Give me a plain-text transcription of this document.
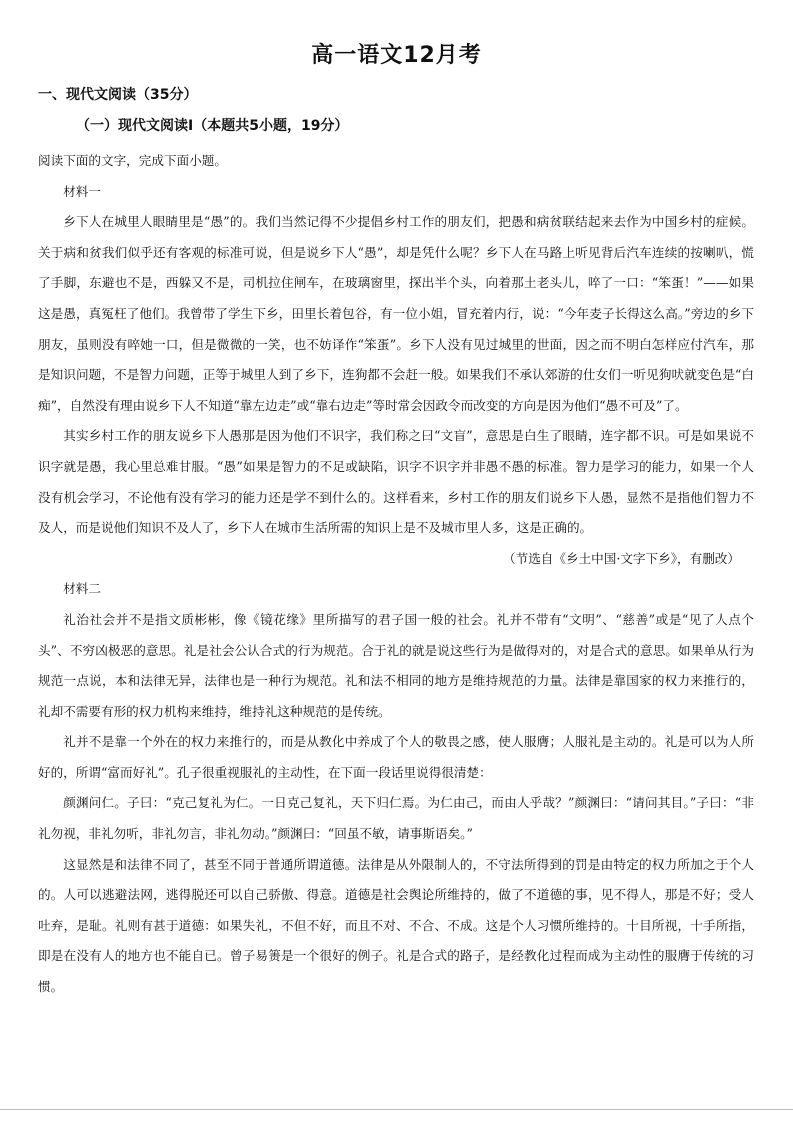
高一语文12月考
一、现代文阅读（35分）
（一）现代文阅读Ⅰ（本题共5小题，19分）

阅读下面的文字，完成下面小题。

材料一

乡下人在城里人眼睛里是“愚”的。我们当然记得不少提倡乡村工作的朋友们，把愚和病贫联结起来去作为中国乡村的症候。关于病和贫我们似乎还有客观的标准可说，但是说乡下人“愚”，却是凭什么呢？乡下人在马路上听见背后汽车连续的按喇叭，慌了手脚，东避也不是，西躲又不是，司机拉住闸车，在玻璃窗里，探出半个头，向着那土老头儿，啐了一口：“笨蛋！”——如果这是愚，真冤枉了他们。我曾带了学生下乡，田里长着包谷，有一位小姐，冒充着内行，说：“今年麦子长得这么高。”旁边的乡下朋友，虽则没有啐她一口，但是微微的一笑，也不妨译作“笨蛋”。乡下人没有见过城里的世面，因之而不明白怎样应付汽车，那是知识问题，不是智力问题，正等于城里人到了乡下，连狗都不会赶一般。如果我们不承认郊游的仕女们一听见狗吠就变色是“白痴”，自然没有理由说乡下人不知道“靠左边走”或“靠右边走”等时常会因政令而改变的方向是因为他们“愚不可及”了。

其实乡村工作的朋友说乡下人愚那是因为他们不识字，我们称之曰“文盲”，意思是白生了眼睛，连字都不识。可是如果说不识字就是愚，我心里总难甘服。“愚”如果是智力的不足或缺陷，识字不识字并非愚不愚的标准。智力是学习的能力，如果一个人没有机会学习，不论他有没有学习的能力还是学不到什么的。这样看来，乡村工作的朋友们说乡下人愚，显然不是指他们智力不及人，而是说他们知识不及人了，乡下人在城市生活所需的知识上是不及城市里人多，这是正确的。

（节选自《乡土中国·文字下乡》，有删改）

材料二

礼治社会并不是指文质彬彬，像《镜花缘》里所描写的君子国一般的社会。礼并不带有“文明”、“慈善”或是“见了人点个头”、不穷凶极恶的意思。礼是社会公认合式的行为规范。合于礼的就是说这些行为是做得对的，对是合式的意思。如果单从行为规范一点说，本和法律无异，法律也是一种行为规范。礼和法不相同的地方是维持规范的力量。法律是靠国家的权力来推行的，礼却不需要有形的权力机构来维持，维持礼这种规范的是传统。

礼并不是靠一个外在的权力来推行的，而是从教化中养成了个人的敬畏之感，使人服膺；人服礼是主动的。礼是可以为人所好的，所谓“富而好礼”。孔子很重视服礼的主动性，在下面一段话里说得很清楚：

颜渊问仁。子曰：“克己复礼为仁。一日克己复礼，天下归仁焉。为仁由己，而由人乎哉？”颜渊曰：“请问其目。”子曰：“非礼勿视，非礼勿听，非礼勿言，非礼勿动。”颜渊曰：“回虽不敏，请事斯语矣。”

这显然是和法律不同了，甚至不同于普通所谓道德。法律是从外限制人的，不守法所得到的罚是由特定的权力所加之于个人的。人可以逃避法网，逃得脱还可以自己骄傲、得意。道德是社会舆论所维持的，做了不道德的事，见不得人，那是不好；受人吐弃，是耻。礼则有甚于道德：如果失礼，不但不好，而且不对、不合、不成。这是个人习惯所维持的。十目所视，十手所指，即是在没有人的地方也不能自已。曾子易箦是一个很好的例子。礼是合式的路子，是经教化过程而成为主动性的服膺于传统的习惯。
